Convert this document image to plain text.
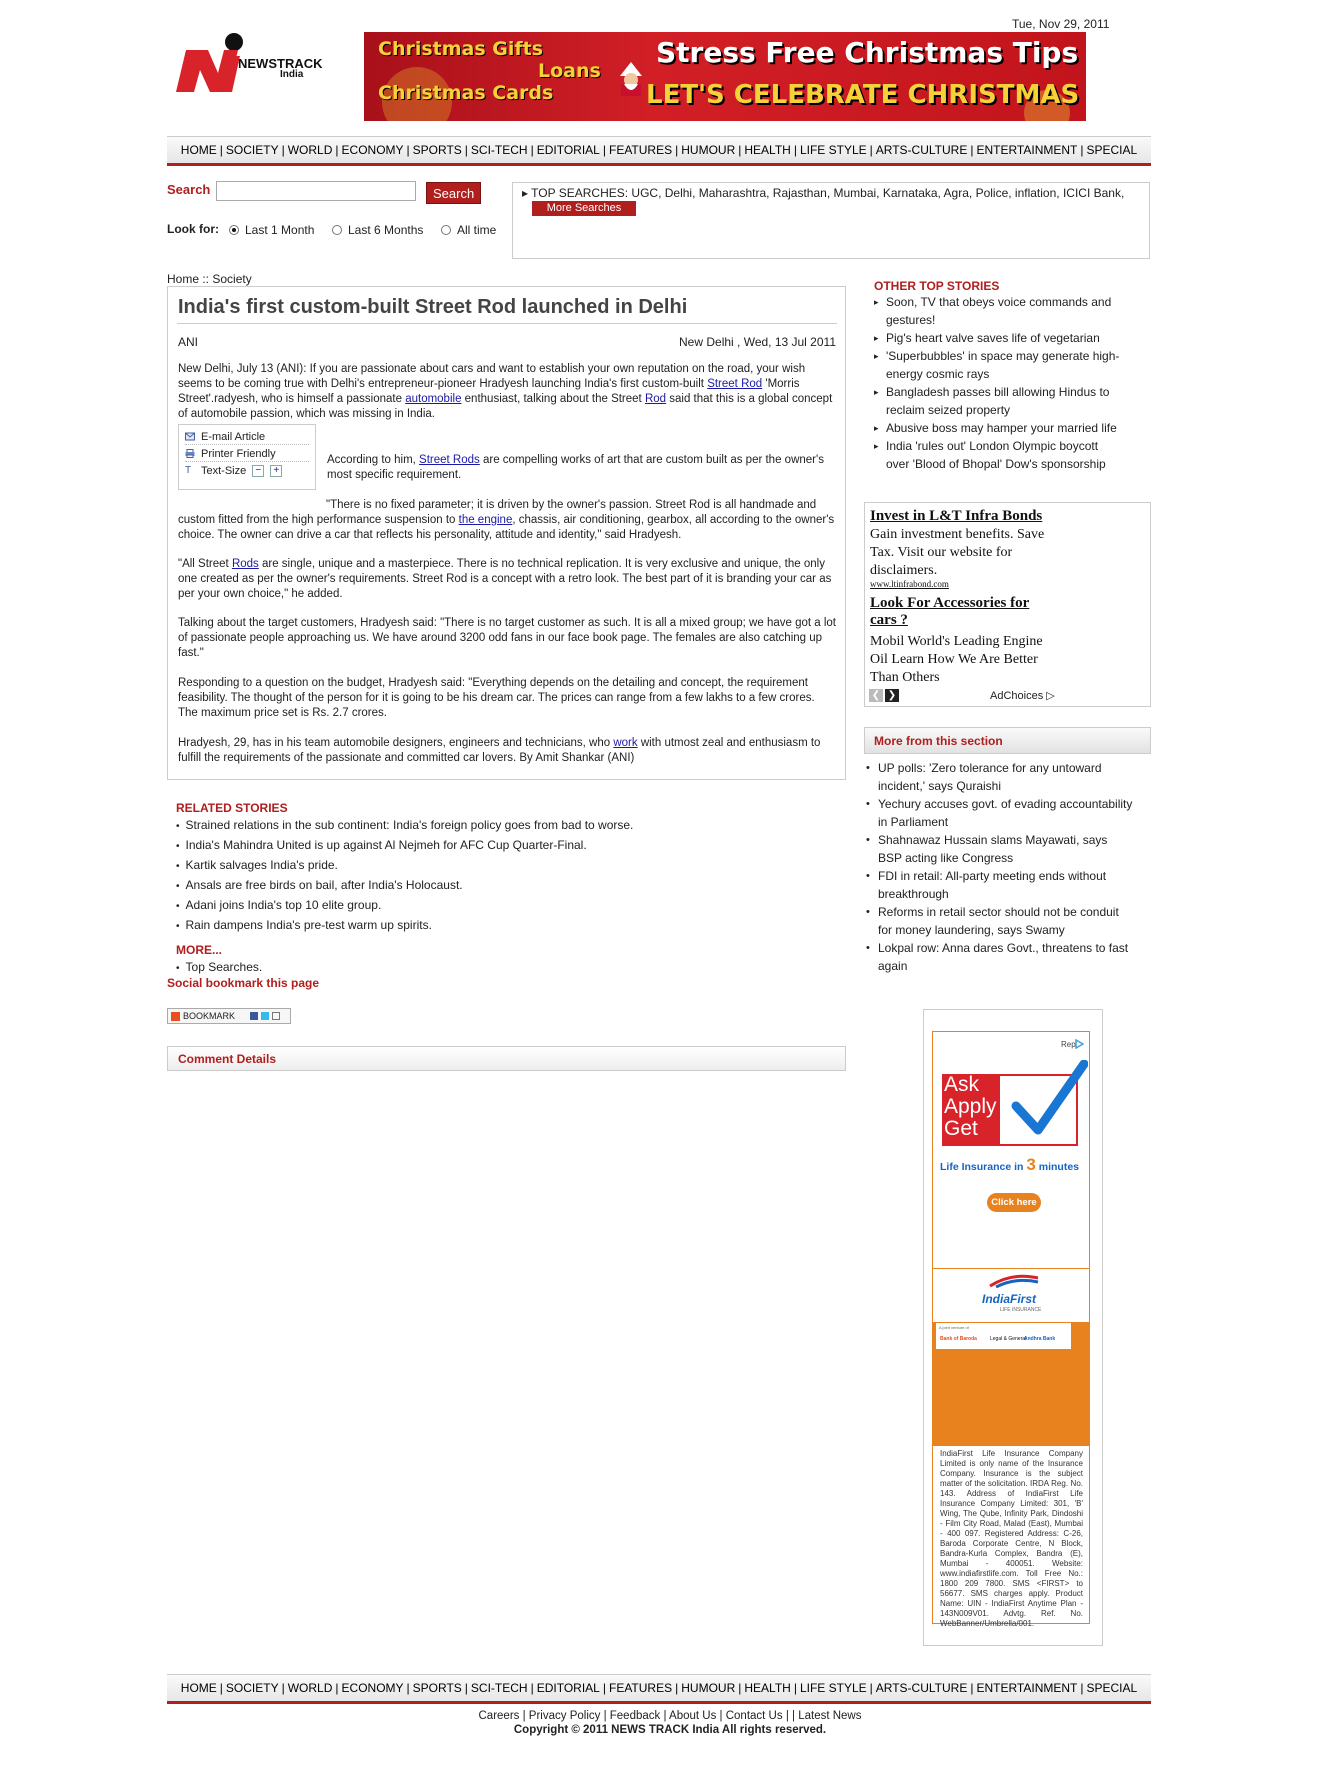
Tue, Nov 29, 2011
NEWSTRACK
India
Christmas Gifts
Loans
Christmas Cards
Stress Free Christmas Tips
LET'S CELEBRATE CHRISTMAS
HOME | SOCIETY | WORLD | ECONOMY | SPORTS | SCI-TECH | EDITORIAL | FEATURES | HUMOUR | HEALTH | LIFE STYLE | ARTS-CULTURE | ENTERTAINMENT | SPECIAL
Search	Search
Look for: Last 1 Month	Last 6 Months	All time
▸ TOP SEARCHES: UGC, Delhi, Maharashtra, Rajasthan, Mumbai, Karnataka, Agra, Police, inflation, ICICI Bank,
More Searches
Home :: Society
India's first custom-built Street Rod launched in Delhi
ANI	New Delhi , Wed, 13 Jul 2011
New Delhi, July 13 (ANI): If you are passionate about cars and want to establish your own reputation on the road, your wish seems to be coming true with Delhi's entrepreneur-pioneer Hradyesh launching India's first custom-built Street Rod 'Morris Street'.radyesh, who is himself a passionate automobile enthusiast, talking about the Street Rod said that this is a global concept of automobile passion, which was missing in India.
E-mail Article
Printer Friendly
T Text-Size −	+
According to him, Street Rods are compelling works of art that are custom built as per the owner's most specific requirement.
"There is no fixed parameter; it is driven by the owner's passion. Street Rod is all handmade and custom fitted from the high performance suspension to the engine, chassis, air conditioning, gearbox, all according to the owner's choice. The owner can drive a car that reflects his personality, attitude and identity," said Hradyesh.
"All Street Rods are single, unique and a masterpiece. There is no technical replication. It is very exclusive and unique, the only one created as per the owner's requirements. Street Rod is a concept with a retro look. The best part of it is branding your car as per your own choice," he added.
Talking about the target customers, Hradyesh said: "There is no target customer as such. It is all a mixed group; we have got a lot of passionate people approaching us. We have around 3200 odd fans in our face book page. The females are also catching up fast."
Responding to a question on the budget, Hradyesh said: "Everything depends on the detailing and concept, the requirement feasibility. The thought of the person for it is going to be his dream car. The prices can range from a few lakhs to a few crores. The maximum price set is Rs. 2.7 crores.
Hradyesh, 29, has in his team automobile designers, engineers and technicians, who work with utmost zeal and enthusiasm to fulfill the requirements of the passionate and committed car lovers. By Amit Shankar (ANI)
RELATED STORIES
• Strained relations in the sub continent: India's foreign policy goes from bad to worse.
• India's Mahindra United is up against Al Nejmeh for AFC Cup Quarter-Final.
• Kartik salvages India's pride.
• Ansals are free birds on bail, after India's Holocaust.
• Adani joins India's top 10 elite group.
• Rain dampens India's pre-test warm up spirits.
MORE...
• Top Searches.
Social bookmark this page
BOOKMARK
Comment Details
OTHER TOP STORIES
▸ Soon, TV that obeys voice commands and gestures!
▸ Pig's heart valve saves life of vegetarian
▸ 'Superbubbles' in space may generate high-energy cosmic rays
▸ Bangladesh passes bill allowing Hindus to reclaim seized property
▸ Abusive boss may hamper your married life
▸ India 'rules out' London Olympic boycott over 'Blood of Bhopal' Dow's sponsorship
Invest in L&T Infra Bonds
Gain investment benefits. Save Tax. Visit our website for disclaimers.
www.ltinfrabond.com
Look For Accessories for cars ?
Mobil World's Leading Engine Oil Learn How We Are Better Than Others
❮ ❯	AdChoices ▷
More from this section
• UP polls: 'Zero tolerance for any untoward incident,' says Quraishi
• Yechury accuses govt. of evading accountability in Parliament
• Shahnawaz Hussain slams Mayawati, says BSP acting like Congress
• FDI in retail: All-party meeting ends without breakthrough
• Reforms in retail sector should not be conduit for money laundering, says Swamy
• Lokpal row: Anna dares Govt., threatens to fast again
Rep
Ask
Apply
Get
Life Insurance in 3 minutes
Click here
IndiaFirst
LIFE INSURANCE
A joint venture of
Bank of Baroda	Legal & General
Andhra Bank
IndiaFirst Life Insurance Company Limited is only name of the Insurance Company. Insurance is the subject matter of the solicitation. IRDA Reg. No. 143. Address of IndiaFirst Life Insurance Company Limited: 301, 'B' Wing, The Qube, Infinity Park, Dindoshi - Film City Road, Malad (East), Mumbai - 400 097. Registered Address: C-26, Baroda Corporate Centre, N Block, Bandra-Kurla Complex, Bandra (E), Mumbai - 400051. Website: www.indiafirstlife.com. Toll Free No.: 1800 209 7800. SMS <FIRST> to 56677. SMS charges apply. Product Name: UIN - IndiaFirst Anytime Plan - 143N009V01. Advtg. Ref. No. WebBanner/Umbrella/001.
HOME | SOCIETY | WORLD | ECONOMY | SPORTS | SCI-TECH | EDITORIAL | FEATURES | HUMOUR | HEALTH | LIFE STYLE | ARTS-CULTURE | ENTERTAINMENT | SPECIAL
Careers | Privacy Policy | Feedback | About Us | Contact Us | | Latest News
Copyright © 2011 NEWS TRACK India All rights reserved.
